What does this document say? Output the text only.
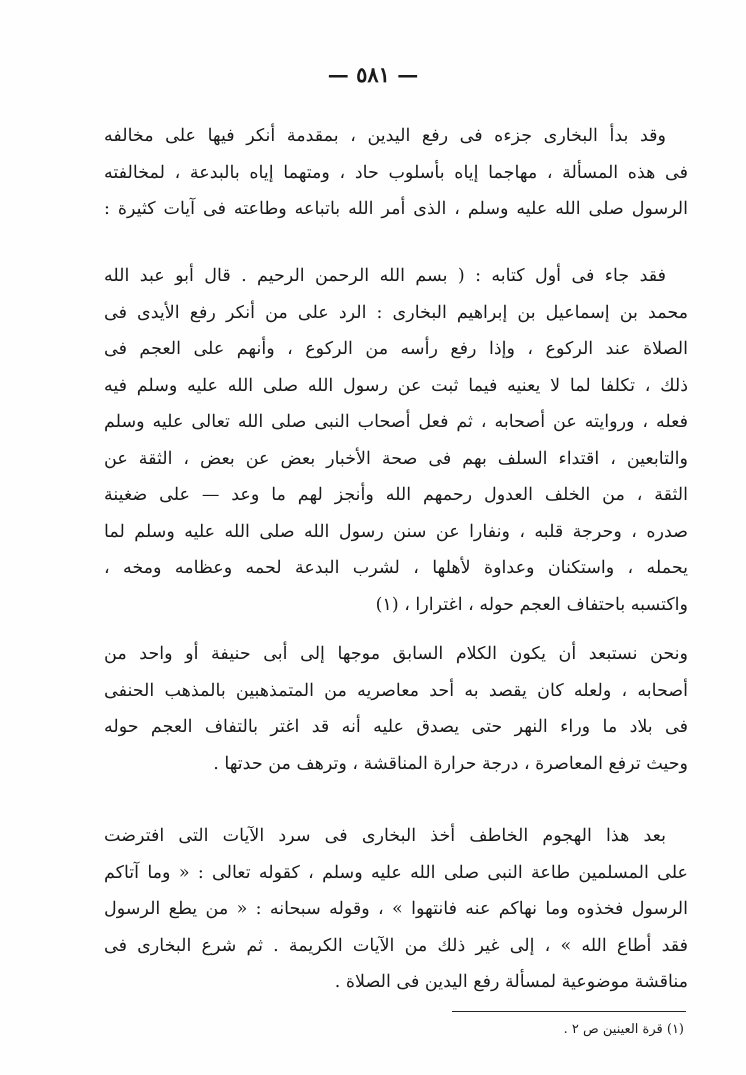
— ٥٨١ —
وقد بدأ البخارى جزءه فى رفع اليدين ، بمقدمة أنكر فيها على مخالفه
فى هذه المسألة ، مهاجما إياه بأسلوب حاد ، ومتهما إياه بالبدعة ، لمخالفته
الرسول صلى الله عليه وسلم ، الذى أمر الله باتباعه وطاعته فى آيات كثيرة :
فقد جاء فى أول كتابه : ( بسم الله الرحمن الرحيم . قال أبو عبد الله
محمد بن إسماعيل بن إبراهيم البخارى : الرد على من أنكر رفع الأيدى فى
الصلاة عند الركوع ، وإذا رفع رأسه من الركوع ، وأنهم على العجم فى
ذلك ، تكلفا لما لا يعنيه فيما ثبت عن رسول الله صلى الله عليه وسلم فيه
فعله ، وروايته عن أصحابه ، ثم فعل أصحاب النبى صلى الله تعالى عليه وسلم
والتابعين ، اقتداء السلف بهم فى صحة الأخبار بعض عن بعض ، الثقة عن
الثقة ، من الخلف العدول رحمهم الله وأنجز لهم ما وعد — على ضغينة
صدره ، وحرجة قلبه ، ونفارا عن سنن رسول الله صلى الله عليه وسلم لما
يحمله ، واستكنان وعداوة لأهلها ، لشرب البدعة لحمه وعظامه ومخه ،
واكتسبه باحتفاف العجم حوله ، اغترارا ، (١)
ونحن نستبعد أن يكون الكلام السابق موجها إلى أبى حنيفة أو واحد من
أصحابه ، ولعله كان يقصد به أحد معاصريه من المتمذهبين بالمذهب الحنفى
فى بلاد ما وراء النهر حتى يصدق عليه أنه قد اغتر بالتفاف العجم حوله
وحيث ترفع المعاصرة ، درجة حرارة المناقشة ، وترهف من حدتها .
بعد هذا الهجوم الخاطف أخذ البخارى فى سرد الآيات التى افترضت
على المسلمين طاعة النبى صلى الله عليه وسلم ، كقوله تعالى : « وما آتاكم
الرسول فخذوه وما نهاكم عنه فانتهوا » ، وقوله سبحانه : « من يطع الرسول
فقد أطاع الله » ، إلى غير ذلك من الآيات الكريمة . ثم شرع البخارى فى
مناقشة موضوعية لمسألة رفع اليدين فى الصلاة .
(١) قرة العينين ص ٢ .
